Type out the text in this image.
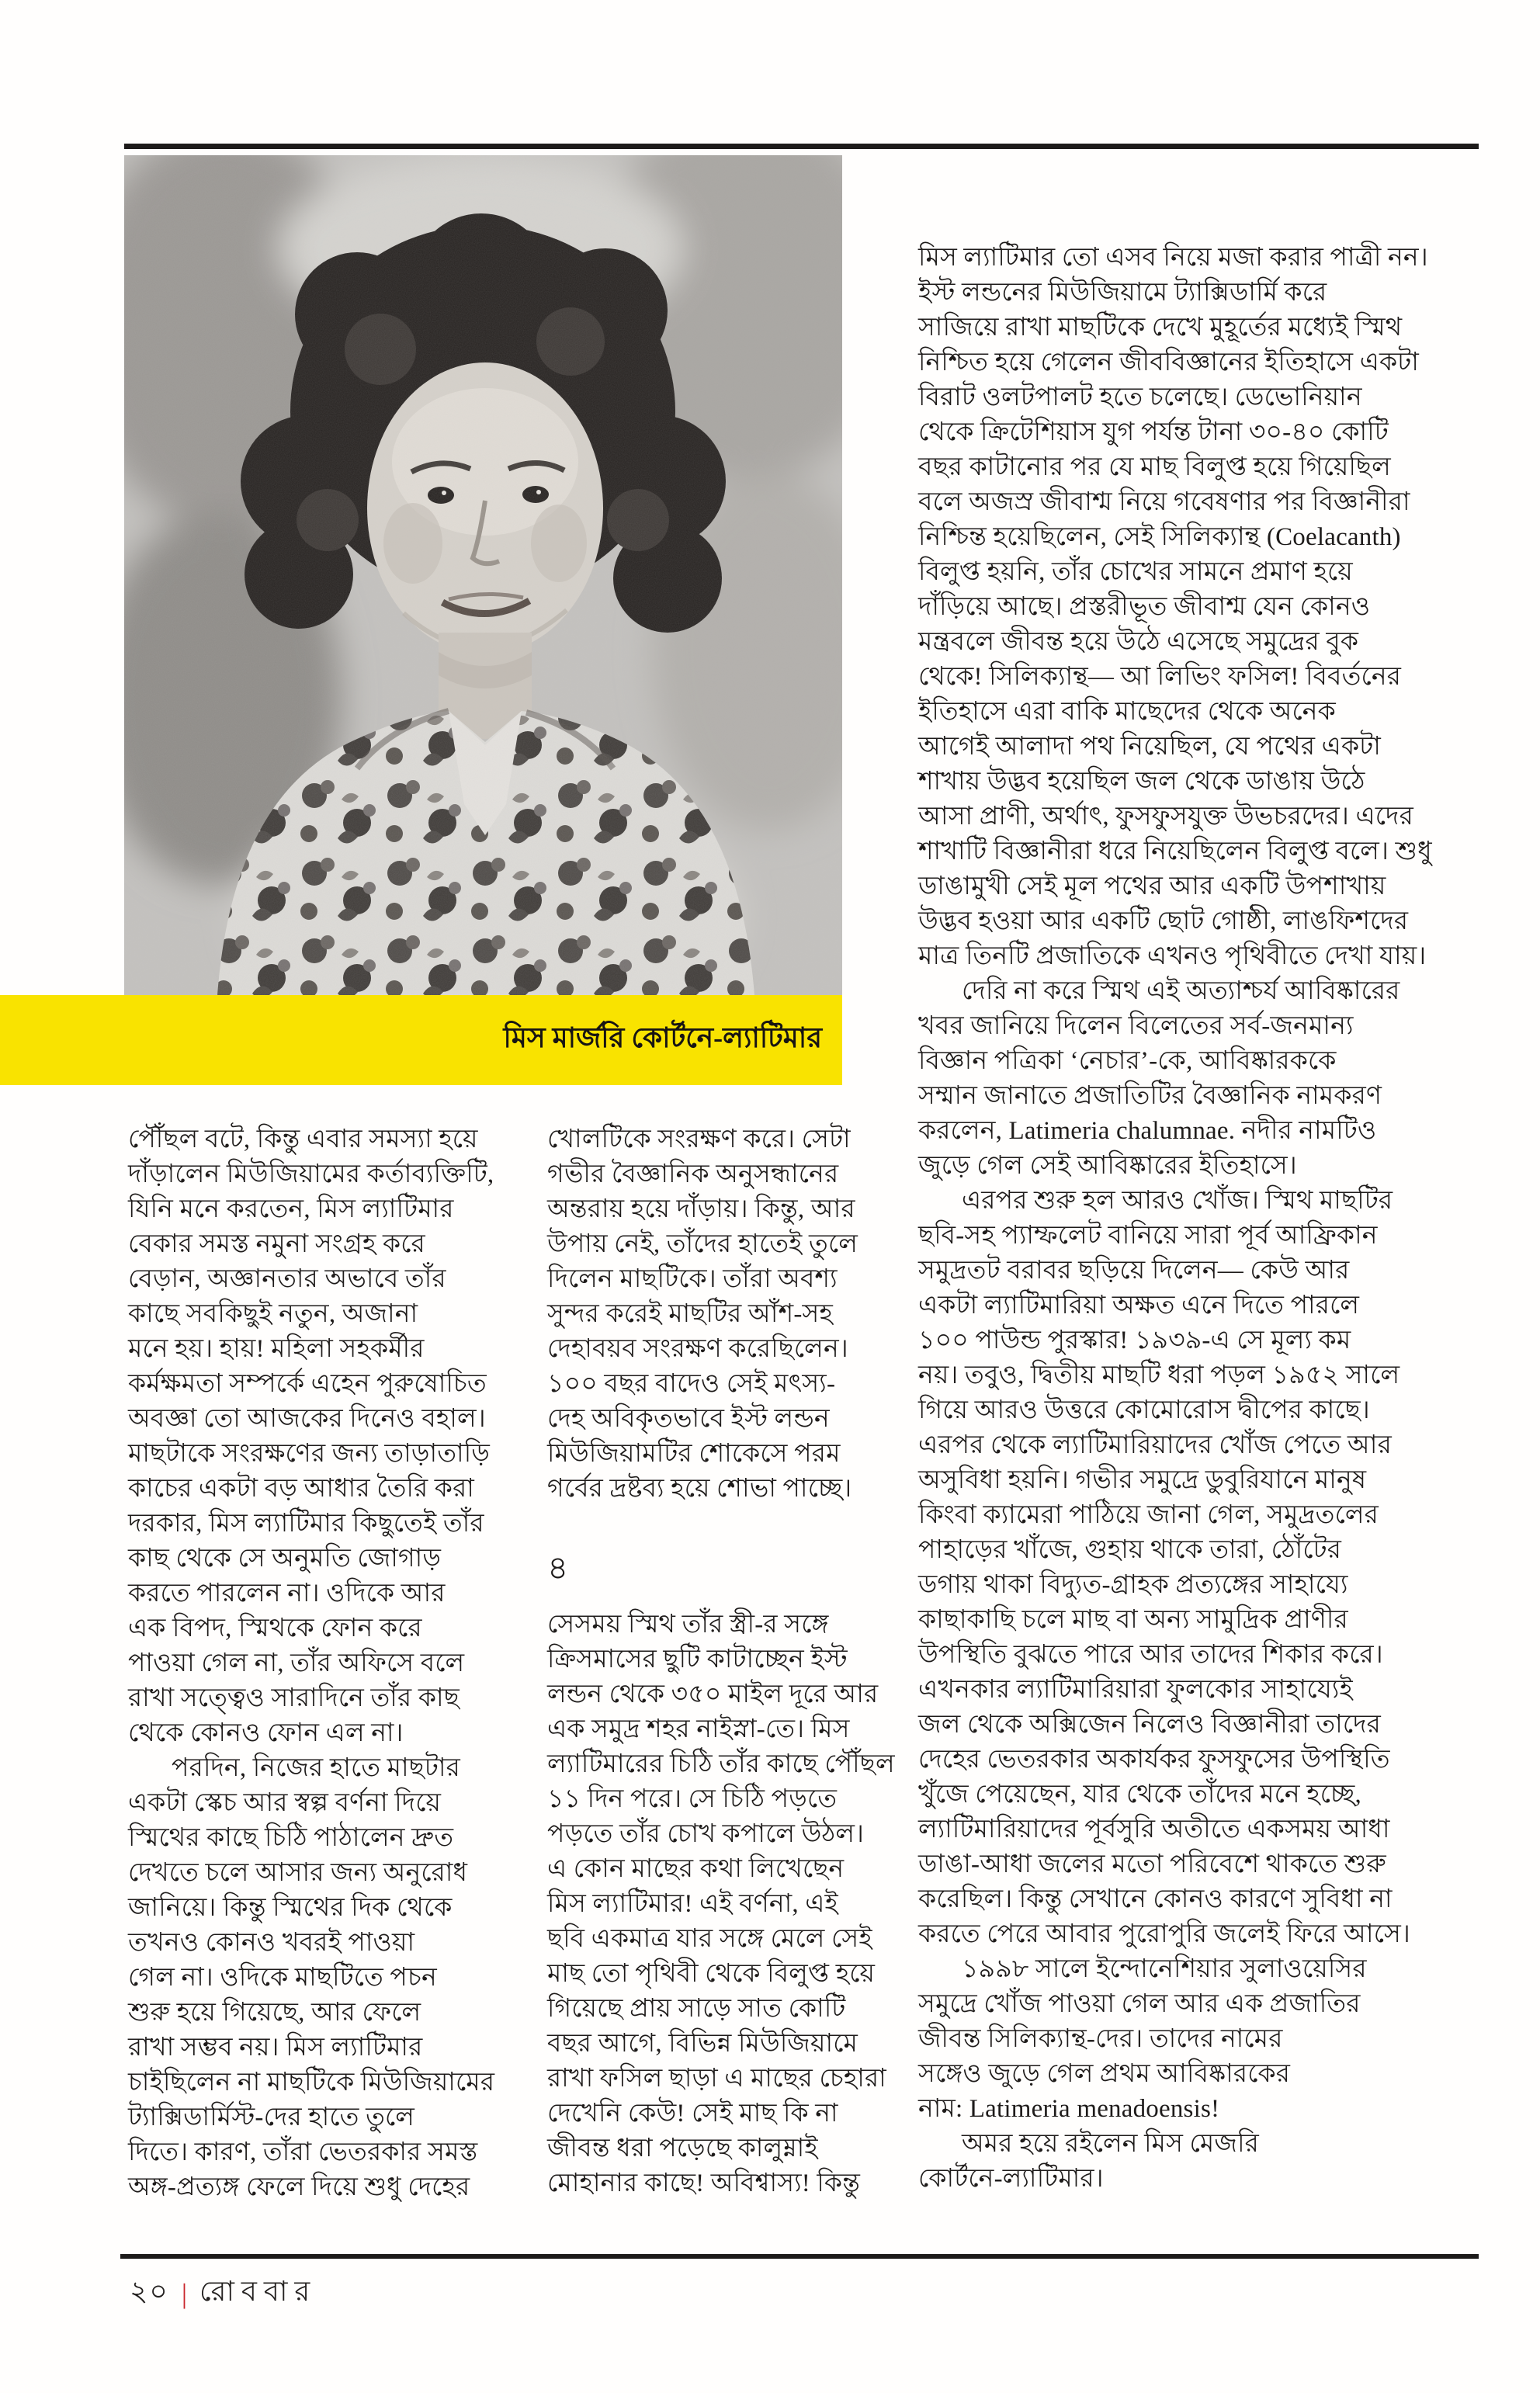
মিস মার্জরি কোর্টনে-ল্যাটিমার
পৌঁছল বটে, কিন্তু এবার সমস্যা হয়ে
দাঁড়ালেন মিউজিয়ামের কর্তাব্যক্তিটি,
যিনি মনে করতেন, মিস ল্যাটিমার
বেকার সমস্ত নমুনা সংগ্রহ করে
বেড়ান, অজ্ঞানতার অভাবে তাঁর
কাছে সবকিছুই নতুন, অজানা
মনে হয়। হায়! মহিলা সহকর্মীর
কর্মক্ষমতা সম্পর্কে এহেন পুরুষোচিত
অবজ্ঞা তো আজকের দিনেও বহাল।
মাছটাকে সংরক্ষণের জন্য তাড়াতাড়ি
কাচের একটা বড় আধার তৈরি করা
দরকার, মিস ল্যাটিমার কিছুতেই তাঁর
কাছ থেকে সে অনুমতি জোগাড়
করতে পারলেন না। ওদিকে আর
এক বিপদ, স্মিথকে ফোন করে
পাওয়া গেল না, তাঁর অফিসে বলে
রাখা সত্ত্বেও সারাদিনে তাঁর কাছ
থেকে কোনও ফোন এল না।
পরদিন, নিজের হাতে মাছটার
একটা স্কেচ আর স্বল্প বর্ণনা দিয়ে
স্মিথের কাছে চিঠি পাঠালেন দ্রুত
দেখতে চলে আসার জন্য অনুরোধ
জানিয়ে। কিন্তু স্মিথের দিক থেকে
তখনও কোনও খবরই পাওয়া
গেল না। ওদিকে মাছটিতে পচন
শুরু হয়ে গিয়েছে, আর ফেলে
রাখা সম্ভব নয়। মিস ল্যাটিমার
চাইছিলেন না মাছটিকে মিউজিয়ামের
ট্যাক্সিডার্মিস্ট-দের হাতে তুলে
দিতে। কারণ, তাঁরা ভেতরকার সমস্ত
অঙ্গ-প্রত্যঙ্গ ফেলে দিয়ে শুধু দেহের
খোলটিকে সংরক্ষণ করে। সেটা
গভীর বৈজ্ঞানিক অনুসন্ধানের
অন্তরায় হয়ে দাঁড়ায়। কিন্তু, আর
উপায় নেই, তাঁদের হাতেই তুলে
দিলেন মাছটিকে। তাঁরা অবশ্য
সুন্দর করেই মাছটির আঁশ-সহ
দেহাবয়ব সংরক্ষণ করেছিলেন।
১০০ বছর বাদেও সেই মৎস্য-
দেহ অবিকৃতভাবে ইস্ট লন্ডন
মিউজিয়ামটির শোকেসে পরম
গর্বের দ্রষ্টব্য হয়ে শোভা পাচ্ছে।
৪
সেসময় স্মিথ তাঁর স্ত্রী-র সঙ্গে
ক্রিসমাসের ছুটি কাটাচ্ছেন ইস্ট
লন্ডন থেকে ৩৫০ মাইল দূরে আর
এক সমুদ্র শহর নাইস্না-তে। মিস
ল্যাটিমারের চিঠি তাঁর কাছে পৌঁছল
১১ দিন পরে। সে চিঠি পড়তে
পড়তে তাঁর চোখ কপালে উঠল।
এ কোন মাছের কথা লিখেছেন
মিস ল্যাটিমার! এই বর্ণনা, এই
ছবি একমাত্র যার সঙ্গে মেলে সেই
মাছ তো পৃথিবী থেকে বিলুপ্ত হয়ে
গিয়েছে প্রায় সাড়ে সাত কোটি
বছর আগে, বিভিন্ন মিউজিয়ামে
রাখা ফসিল ছাড়া এ মাছের চেহারা
দেখেনি কেউ! সেই মাছ কি না
জীবন্ত ধরা পড়েছে কালুম্নাই
মোহানার কাছে! অবিশ্বাস্য! কিন্তু
মিস ল্যাটিমার তো এসব নিয়ে মজা করার পাত্রী নন।
ইস্ট লন্ডনের মিউজিয়ামে ট্যাক্সিডার্মি করে
সাজিয়ে রাখা মাছটিকে দেখে মুহূর্তের মধ্যেই স্মিথ
নিশ্চিত হয়ে গেলেন জীববিজ্ঞানের ইতিহাসে একটা
বিরাট ওলটপালট হতে চলেছে। ডেভোনিয়ান
থেকে ক্রিটেশিয়াস যুগ পর্যন্ত টানা ৩০-৪০ কোটি
বছর কাটানোর পর যে মাছ বিলুপ্ত হয়ে গিয়েছিল
বলে অজস্র জীবাশ্ম নিয়ে গবেষণার পর বিজ্ঞানীরা
নিশ্চিন্ত হয়েছিলেন, সেই সিলিক্যান্থ (Coelacanth)
বিলুপ্ত হয়নি, তাঁর চোখের সামনে প্রমাণ হয়ে
দাঁড়িয়ে আছে। প্রস্তরীভূত জীবাশ্ম যেন কোনও
মন্ত্রবলে জীবন্ত হয়ে উঠে এসেছে সমুদ্রের বুক
থেকে! সিলিক্যান্থ— আ লিভিং ফসিল! বিবর্তনের
ইতিহাসে এরা বাকি মাছেদের থেকে অনেক
আগেই আলাদা পথ নিয়েছিল, যে পথের একটা
শাখায় উদ্ভব হয়েছিল জল থেকে ডাঙায় উঠে
আসা প্রাণী, অর্থাৎ, ফুসফুসযুক্ত উভচরদের। এদের
শাখাটি বিজ্ঞানীরা ধরে নিয়েছিলেন বিলুপ্ত বলে। শুধু
ডাঙামুখী সেই মূল পথের আর একটি উপশাখায়
উদ্ভব হওয়া আর একটি ছোট গোষ্ঠী, লাঙফিশদের
মাত্র তিনটি প্রজাতিকে এখনও পৃথিবীতে দেখা যায়।
দেরি না করে স্মিথ এই অত্যাশ্চর্য আবিষ্কারের
খবর জানিয়ে দিলেন বিলেতের সর্ব-জনমান্য
বিজ্ঞান পত্রিকা ‘নেচার’-কে, আবিষ্কারককে
সম্মান জানাতে প্রজাতিটির বৈজ্ঞানিক নামকরণ
করলেন, Latimeria chalumnae. নদীর নামটিও
জুড়ে গেল সেই আবিষ্কারের ইতিহাসে।
এরপর শুরু হল আরও খোঁজ। স্মিথ মাছটির
ছবি-সহ প্যাম্ফলেট বানিয়ে সারা পূর্ব আফ্রিকান
সমুদ্রতট বরাবর ছড়িয়ে দিলেন— কেউ আর
একটা ল্যাটিমারিয়া অক্ষত এনে দিতে পারলে
১০০ পাউন্ড পুরস্কার! ১৯৩৯-এ সে মূল্য কম
নয়। তবুও, দ্বিতীয় মাছটি ধরা পড়ল ১৯৫২ সালে
গিয়ে আরও উত্তরে কোমোরোস দ্বীপের কাছে।
এরপর থেকে ল্যাটিমারিয়াদের খোঁজ পেতে আর
অসুবিধা হয়নি। গভীর সমুদ্রে ডুবুরিযানে মানুষ
কিংবা ক্যামেরা পাঠিয়ে জানা গেল, সমুদ্রতলের
পাহাড়ের খাঁজে, গুহায় থাকে তারা, ঠোঁটের
ডগায় থাকা বিদ্যুত-গ্রাহক প্রত্যঙ্গের সাহায্যে
কাছাকাছি চলে মাছ বা অন্য সামুদ্রিক প্রাণীর
উপস্থিতি বুঝতে পারে আর তাদের শিকার করে।
এখনকার ল্যাটিমারিয়ারা ফুলকোর সাহায্যেই
জল থেকে অক্সিজেন নিলেও বিজ্ঞানীরা তাদের
দেহের ভেতরকার অকার্যকর ফুসফুসের উপস্থিতি
খুঁজে পেয়েছেন, যার থেকে তাঁদের মনে হচ্ছে,
ল্যাটিমারিয়াদের পূর্বসুরি অতীতে একসময় আধা
ডাঙা-আধা জলের মতো পরিবেশে থাকতে শুরু
করেছিল। কিন্তু সেখানে কোনও কারণে সুবিধা না
করতে পেরে আবার পুরোপুরি জলেই ফিরে আসে।
১৯৯৮ সালে ইন্দোনেশিয়ার সুলাওয়েসির
সমুদ্রে খোঁজ পাওয়া গেল আর এক প্রজাতির
জীবন্ত সিলিক্যান্থ-দের। তাদের নামের
সঙ্গেও জুড়ে গেল প্রথম আবিষ্কারকের
নাম: Latimeria menadoensis!
অমর হয়ে রইলেন মিস মেজরি
কোর্টনে-ল্যাটিমার।
২০ | রোববার
